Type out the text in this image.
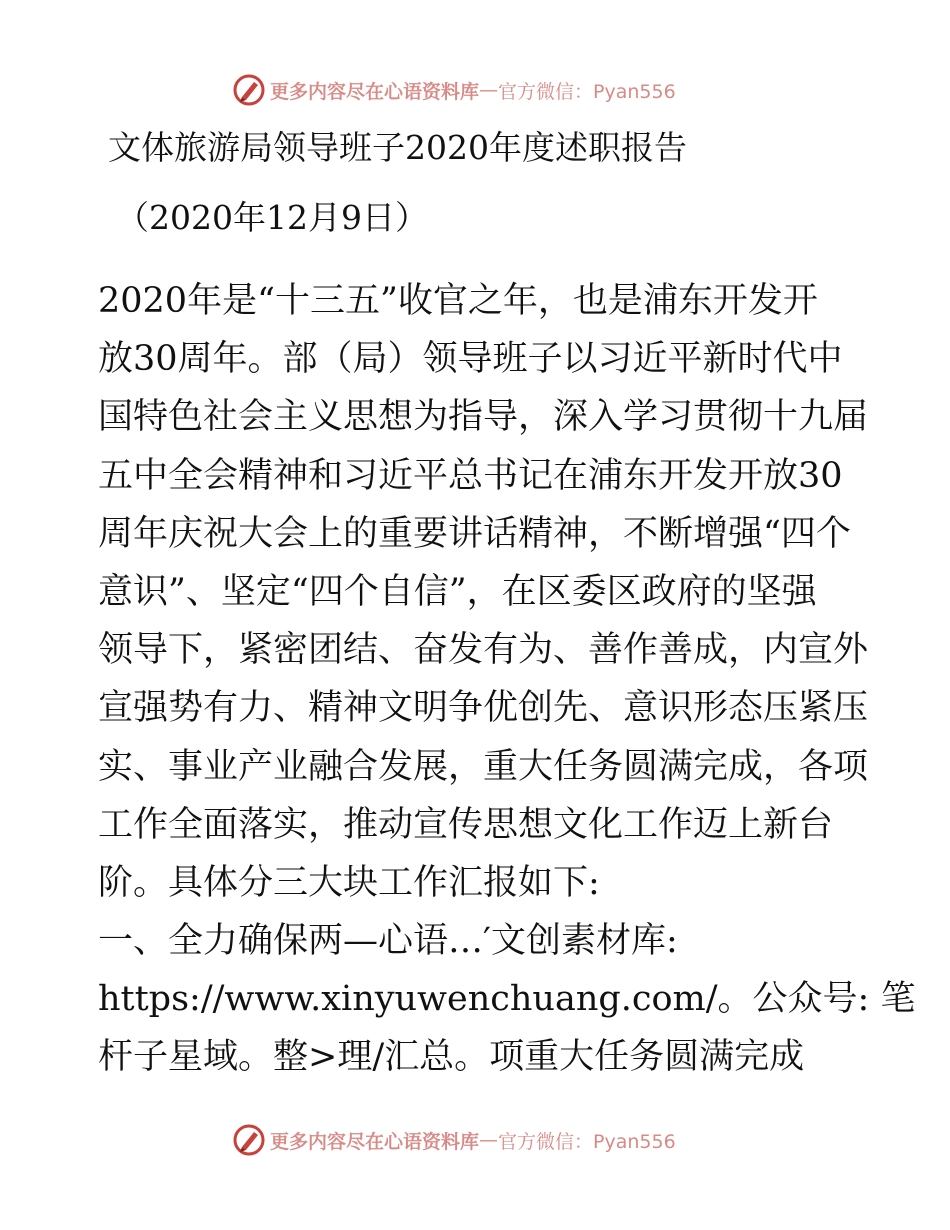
更多内容尽在心语资料库 — 官方微信：Pyan556
文体旅游局领导班子2020年度述职报告
（2020年12月9日）
2020年是“十三五”收官之年，也是浦东开发开
放30周年。部（局）领导班子以习近平新时代中
国特色社会主义思想为指导，深入学习贯彻十九届
五中全会精神和习近平总书记在浦东开发开放30
周年庆祝大会上的重要讲话精神，不断增强“四个
意识”、坚定“四个自信”，在区委区政府的坚强
领导下，紧密团结、奋发有为、善作善成，内宣外
宣强势有力、精神文明争优创先、意识形态压紧压
实、事业产业融合发展，重大任务圆满完成，各项
工作全面落实，推动宣传思想文化工作迈上新台
阶。具体分三大块工作汇报如下:
一、全力确保两—心语…′文创素材库:
https://www.xinyuwenchuang.com/。公众号: 笔
杆子星域。整>理/汇总。项重大任务圆满完成
更多内容尽在心语资料库 — 官方微信：Pyan556
